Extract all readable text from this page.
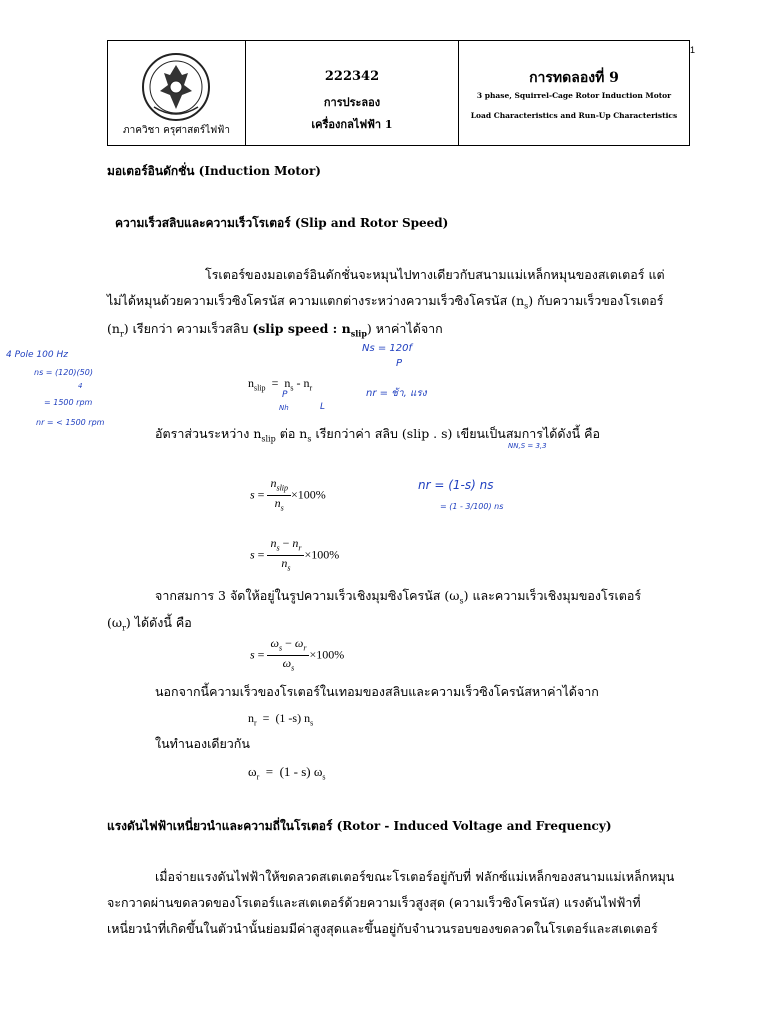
1
ภาควิชา ครุศาสตร์ไฟฟ้า
222342
การประลอง
เครื่องกลไฟฟ้า 1
การทดลองที่ 9
3 phase, Squirrel-Cage Rotor Induction Motor
Load Characteristics and Run-Up Characteristics
มอเตอร์อินดักชั่น (Induction Motor)
ความเร็วสลิบและความเร็วโรเตอร์ (Slip and Rotor Speed)
โรเตอร์ของมอเตอร์อินดักชั่นจะหมุนไปทางเดียวกับสนามแม่เหล็กหมุนของสเตเตอร์ แต่
ไม่ได้หมุนด้วยความเร็วซิงโครนัส ความแตกต่างระหว่างความเร็วซิงโครนัส $(n_s)$ กับความเร็วของโรเตอร์
$(n_r)$ เรียกว่า ความเร็วสลิบ (slip speed : $n_{slip}$) หาค่าได้จาก
$n_{slip} = n_s - n_r$
อัตราส่วนระหว่าง $n_{slip}$ ต่อ $n_s$ เรียกว่าค่า สลิบ (slip . s) เขียนเป็นสมการได้ดังนี้ คือ
$s = \frac{n_{slip}}{n_s} \times 100\%$
$s = \frac{n_s - n_r}{n_s} \times 100\%$
จากสมการ 3 จัดให้อยู่ในรูปความเร็วเชิงมุมซิงโครนัส $(\omega_s)$ และความเร็วเชิงมุมของโรเตอร์
$(\omega_r)$ ได้ดังนี้ คือ
$s = \frac{\omega_s - \omega_r}{\omega_s} \times 100\%$
นอกจากนี้ความเร็วของโรเตอร์ในเทอมของสลิบและความเร็วซิงโครนัสหาค่าได้จาก
$n_r = (1$ -s) $n_s$
ในทำนองเดียวกัน
$\omega_r = (1 - s)$ $\omega_s$
แรงดันไฟฟ้าเหนี่ยวนำและความถี่ในโรเตอร์ (Rotor - Induced Voltage and Frequency)
เมื่อจ่ายแรงดันไฟฟ้าให้ขดลวดสเตเตอร์ขณะโรเตอร์อยู่กับที่ ฟลักซ์แม่เหล็กของสนามแม่เหล็กหมุน
จะกวาดผ่านขดลวดของโรเตอร์และสเตเตอร์ด้วยความเร็วสูงสุด (ความเร็วซิงโครนัส) แรงดันไฟฟ้าที่
เหนี่ยวนำที่เกิดขึ้นในตัวนำนั้นย่อมมีค่าสูงสุดและขึ้นอยู่กับจำนวนรอบของขดลวดในโรเตอร์และสเตเตอร์
4 Pole 100 Hz
ns = (120)(50)
4
= 1500 rpm
nr = < 1500 rpm
Ns = 120f
P
nr = ช้า, แรง
P
L
Nh
NN,S = 3,3
nr = (1-s) ns
= (1 - 3/100) ns
